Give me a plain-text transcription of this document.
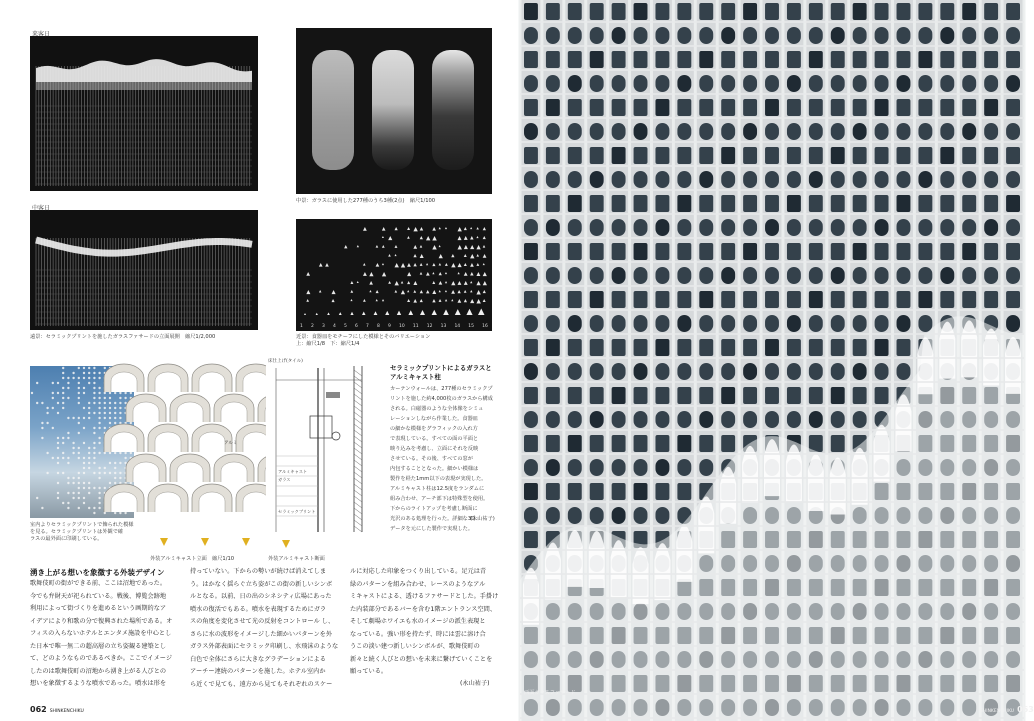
来客日
中客日
遠景：セラミックプリントを施したガラスファサードの立面展開　縮尺1/2,000
中景：ガラスに使用した277種のうち3種(2点)　縮尺1/100
1 2 3 4 5 6 7 8 9 10 11 12 13 14 15 16
近景：食器皿をモチーフにした模様とそのバリエーション
上：縮尺1/8　下：縮尺1/4
室内よりセラミックプリントで飾られた模様
を見る。セラミックプリントは外観で確
ラスの最外面に印刷している。
アルミ
外装アルミキャスト立面　縮尺1/10
床仕上げ(タイル)
アルミキャスト
ガラス
セラミックプリント
外装アルミキャスト断面
セラミックプリントによるガラスと
アルミキャスト柱
カーテンウォールは、277種のセラミックプ
リントを施した約4,000枚のガラスから構成
される。白磁器のような全体像をシミュ
レーションしながら作業した。食器皿
の細かな模様をグラフィックの入れ方
で表現している。すべての面の平面と
映り込みを考慮し、立面にそれを反映
させている。その後、すべての窓が
内包することとなった。細かい模様は
製作を経た1mm以下の表現が実現した。
アルミキャスト柱は12.5度をランダムに
組み合わせ、アーチ部下は特殊型を使用。
下からのライトアップを考慮し断面に
光沢のある処理を行った。詳細な3D
データを元にした製作で実現した。
(永山祐子)
湧き上がる想いを象徴する外装デザイン
歌舞伎町の街ができる前、ここは沼地であった。
今でも弁財天が祀られている。戦後、博覧会跡地
利用によって街づくりを進めるという画期的なア
イデアにより和歌の分で復興された場所である。オ
フィスの入らないホテルとエンタメ施設を中心とし
た日本で唯一無二の超高層の立ち姿観る建築とし
て、どのようなものであるべきか。ここでイメージ
したのは歌舞伎町の沼地から湧き上がる人びとの
想いを象徴するような噴水であった。噴水は形を
持っていない。下からの勢いが続けば消えてしま
う。はかなく揺らぐ立ち姿がこの街の新しいシンボ
ルとなる。以前、日の出のシネシティ広場にあった
噴水の復活でもある。噴水を表現するためにガラ
スの角度を変化させて光の反射をコントロール し、
さらに水の波形をイメージした細かいパターンを外
ガラス外部表面にセラミック印刷し、水飛沫のような
白色で全体にさらに大きなグラデーションによる
アーチー連続のパターンを施した。ホテル室内か
ら近くで見ても、遠方から見てもそれぞれのスケー
ルに対応した印象をつくり出している。足元は青
緑のパターンを組み合わせ、レースのようなアル
ミキャストによる、透けるファサードとした。手掛け
た内装部分であるバーを含む1階エントランス空間、
そして劇場ホワイエも水のイメージの派生表現と
なっている。強い形を持たず、時には雲に溶け合
うこの淡い建つ新しいシンボルが、歌舞伎町の
新々と続く人びとの想いを未来に繋げていくことを
願っている。
(永山祐子)
062 SHINKENCHIKU
西面ガラスファサード
SHINKENCHIKU 063
